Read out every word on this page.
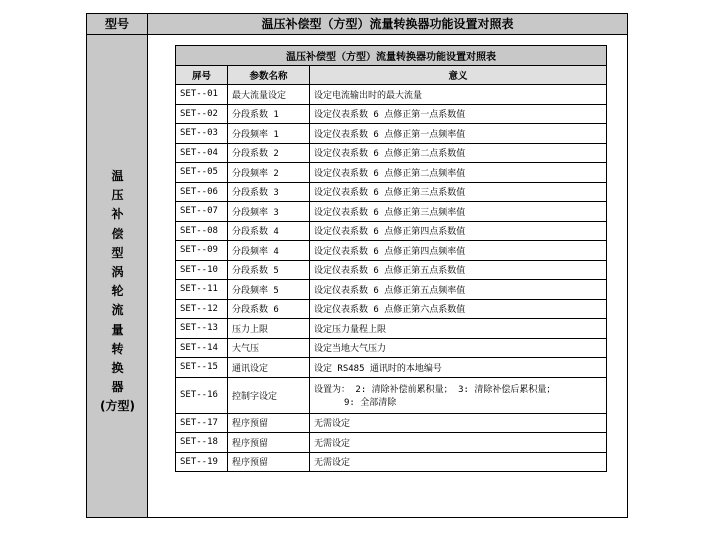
型号	温压补偿型（方型）流量转换器功能设置对照表
温
压
补
偿
型
涡
轮
流
量
转
换
器
(方型)
温压补偿型（方型）流量转换器功能设置对照表		
屏号	参数名称	意义
SET--01	最大流量设定	设定电流输出时的最大流量
SET--02	分段系数 1	设定仪表系数 6 点修正第一点系数值
SET--03	分段频率 1	设定仪表系数 6 点修正第一点频率值
SET--04	分段系数 2	设定仪表系数 6 点修正第二点系数值
SET--05	分段频率 2	设定仪表系数 6 点修正第二点频率值
SET--06	分段系数 3	设定仪表系数 6 点修正第三点系数值
SET--07	分段频率 3	设定仪表系数 6 点修正第三点频率值
SET--08	分段系数 4	设定仪表系数 6 点修正第四点系数值
SET--09	分段频率 4	设定仪表系数 6 点修正第四点频率值
SET--10	分段系数 5	设定仪表系数 6 点修正第五点系数值
SET--11	分段频率 5	设定仪表系数 6 点修正第五点频率值
SET--12	分段系数 6	设定仪表系数 6 点修正第六点系数值
SET--13	压力上限	设定压力量程上限
SET--14	大气压	设定当地大气压力
SET--15	通讯设定	设定 RS485 通讯时的本地编号
SET--16	控制字设定	设置为： 2: 清除补偿前累积量； 3: 清除补偿后累积量；
9: 全部清除

SET--17	程序预留	无需设定
SET--18	程序预留	无需设定
SET--19	程序预留	无需设定
